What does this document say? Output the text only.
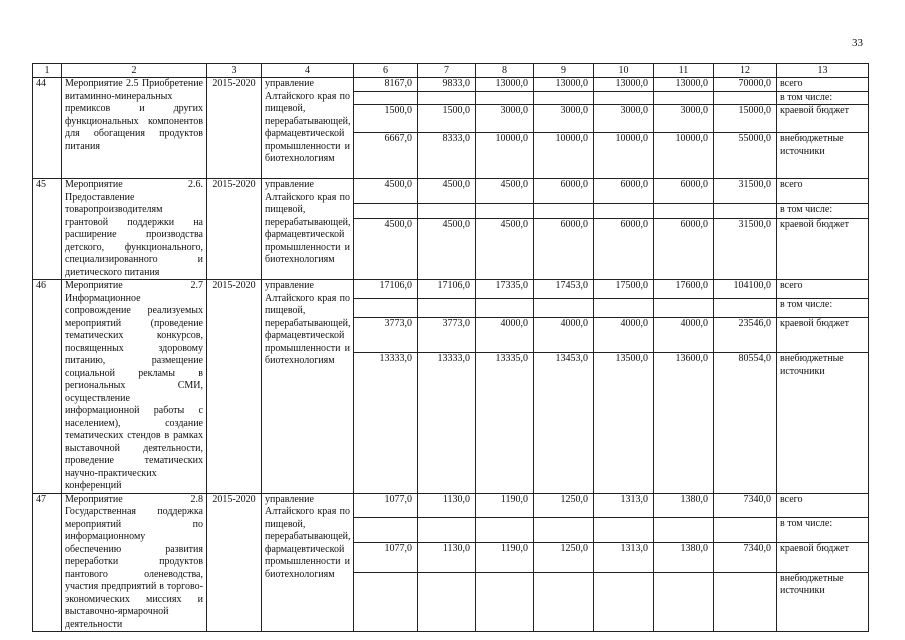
33
1	2	3	4	6	7	8	9	10	11	12	13
44	Мероприятие 2.5 Приобретение витаминно-минеральных премиксов и других функциональных компонентов для обогащения продуктов питания	2015-2020	управление Алтайского края по пищевой, перерабатывающей, фармацевтической промышленности и биотехнологиям	8167,0	9833,0	13000,0	13000,0	13000,0	13000,0	70000,0	всего
											в том числе:
				1500,0	1500,0	3000,0	3000,0	3000,0	3000,0	15000,0	краевой бюджет
				6667,0	8333,0	10000,0	10000,0	10000,0	10000,0	55000,0	внебюджетные источники
45	Мероприятие 2.6. Предоставление товаропроизводителям грантовой поддержки на расширение производства детского, функционального, специализированного и диетического питания	2015-2020	управление Алтайского края по пищевой, перерабатывающей, фармацевтической промышленности и биотехнологиям	4500,0	4500,0	4500,0	6000,0	6000,0	6000,0	31500,0	всего
											в том числе:
				4500,0	4500,0	4500,0	6000,0	6000,0	6000,0	31500,0	краевой бюджет
46	Мероприятие 2.7 Информационное сопровождение реализуемых мероприятий (проведение тематических конкурсов, посвященных здоровому питанию, размещение социальной рекламы в региональных СМИ, осуществление информационной работы с населением), создание тематических стендов в рамках выставочной деятельности, проведение тематических научно-практических конференций	2015-2020	управление Алтайского края по пищевой, перерабатывающей, фармацевтической промышленности и биотехнологиям	17106,0	17106,0	17335,0	17453,0	17500,0	17600,0	104100,0	всего
											в том числе:
				3773,0	3773,0	4000,0	4000,0	4000,0	4000,0	23546,0	краевой бюджет
				13333,0	13333,0	13335,0	13453,0	13500,0	13600,0	80554,0	внебюджетные источники
47	Мероприятие 2.8 Государственная поддержка мероприятий по информационному обеспечению развития переработки продуктов пантового оленеводства, участия предприятий в торгово-экономических миссиях и выставочно-ярмарочной деятельности	2015-2020	управление Алтайского края по пищевой, перерабатывающей, фармацевтической промышленности и биотехнологиям	1077,0	1130,0	1190,0	1250,0	1313,0	1380,0	7340,0	всего
											в том числе:
				1077,0	1130,0	1190,0	1250,0	1313,0	1380,0	7340,0	краевой бюджет
											внебюджетные источники
